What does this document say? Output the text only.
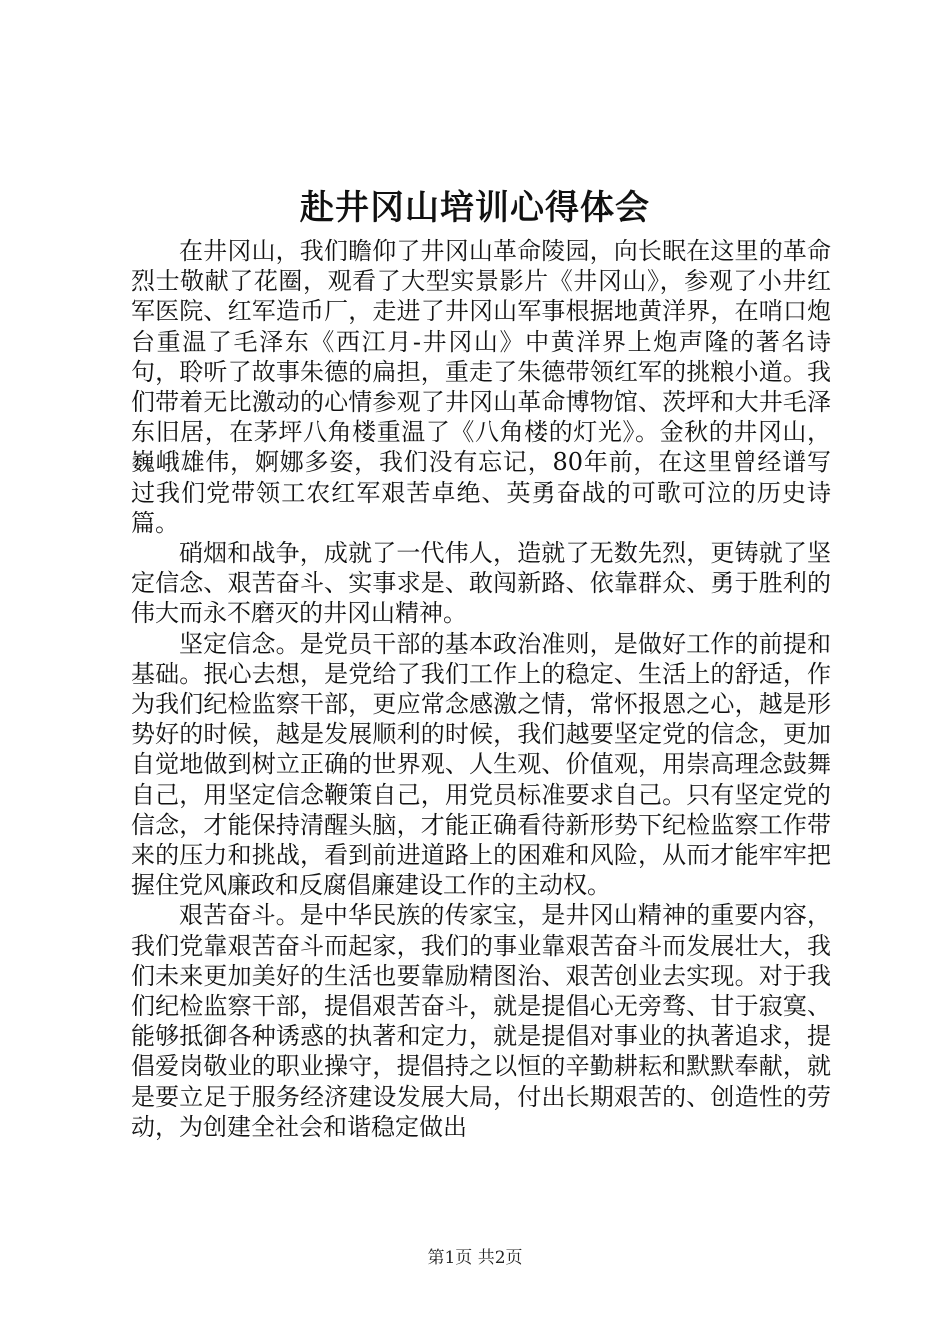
赴井冈山培训心得体会

在井冈山，我们瞻仰了井冈山革命陵园，向长眠在这里的革命烈士敬献了花圈，观看了大型实景影片《井冈山》，参观了小井红军医院、红军造币厂，走进了井冈山军事根据地黄洋界，在哨口炮台重温了毛泽东《西江月-井冈山》中黄洋界上炮声隆的著名诗句，聆听了故事朱德的扁担，重走了朱德带领红军的挑粮小道。我们带着无比激动的心情参观了井冈山革命博物馆、茨坪和大井毛泽东旧居，在茅坪八角楼重温了《八角楼的灯光》。金秋的井冈山，巍峨雄伟，婀娜多姿，我们没有忘记，80年前，在这里曾经谱写过我们党带领工农红军艰苦卓绝、英勇奋战的可歌可泣的历史诗篇。

硝烟和战争，成就了一代伟人，造就了无数先烈，更铸就了坚定信念、艰苦奋斗、实事求是、敢闯新路、依靠群众、勇于胜利的伟大而永不磨灭的井冈山精神。

坚定信念。是党员干部的基本政治准则，是做好工作的前提和基础。抿心去想，是党给了我们工作上的稳定、生活上的舒适，作为我们纪检监察干部，更应常念感激之情，常怀报恩之心，越是形势好的时候，越是发展顺利的时候，我们越要坚定党的信念，更加自觉地做到树立正确的世界观、人生观、价值观，用崇高理念鼓舞自己，用坚定信念鞭策自己，用党员标准要求自己。只有坚定党的信念，才能保持清醒头脑，才能正确看待新形势下纪检监察工作带来的压力和挑战，看到前进道路上的困难和风险，从而才能牢牢把握住党风廉政和反腐倡廉建设工作的主动权。

艰苦奋斗。是中华民族的传家宝，是井冈山精神的重要内容，我们党靠艰苦奋斗而起家，我们的事业靠艰苦奋斗而发展壮大，我们未来更加美好的生活也要靠励精图治、艰苦创业去实现。对于我们纪检监察干部，提倡艰苦奋斗，就是提倡心无旁骛、甘于寂寞、能够抵御各种诱惑的执著和定力，就是提倡对事业的执著追求，提倡爱岗敬业的职业操守，提倡持之以恒的辛勤耕耘和默默奉献，就是要立足于服务经济建设发展大局，付出长期艰苦的、创造性的劳动，为创建全社会和谐稳定做出

第1页 共2页
